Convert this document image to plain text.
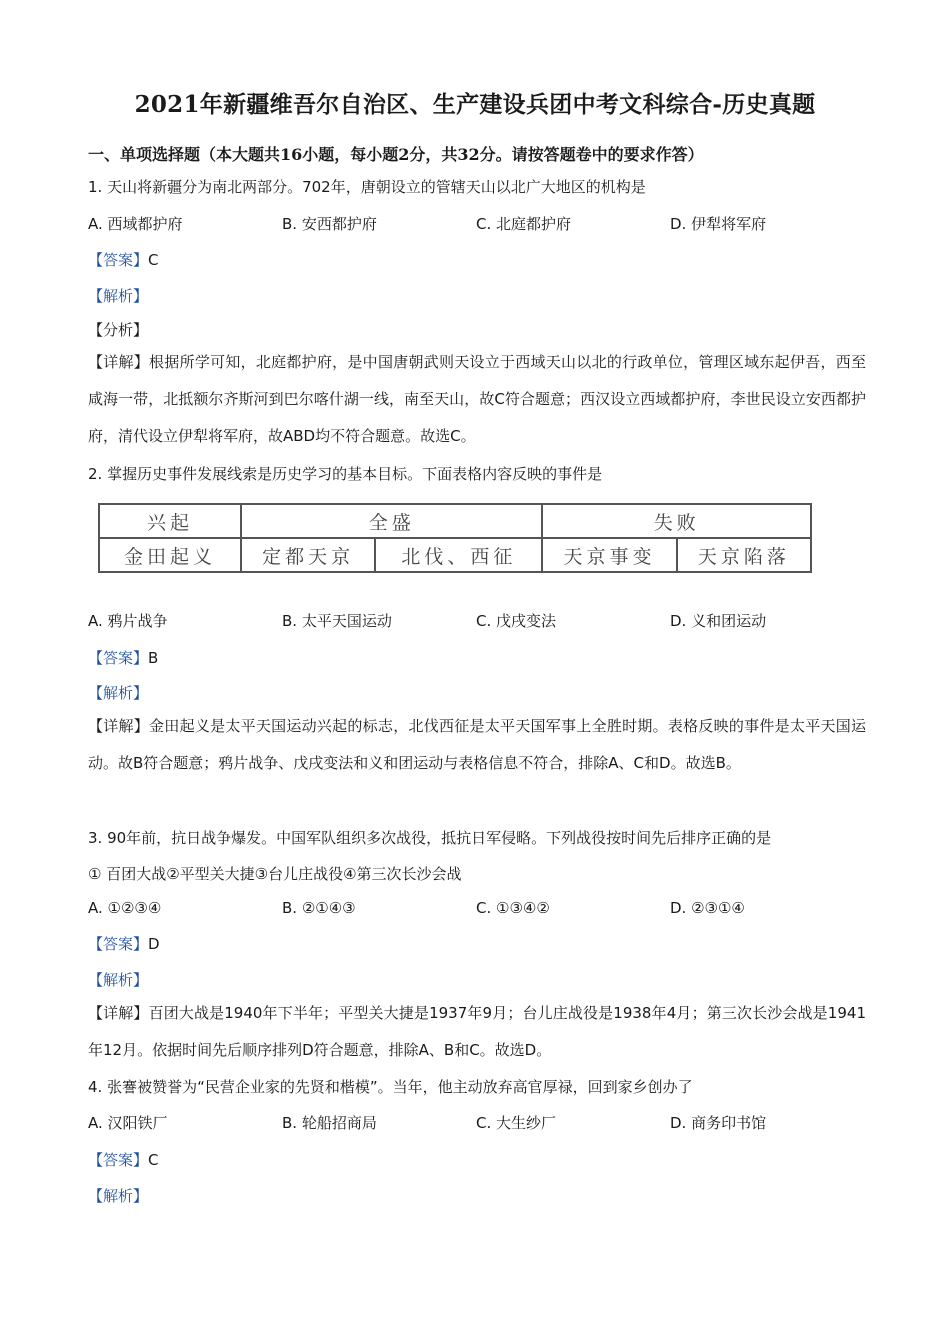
2021年新疆维吾尔自治区、生产建设兵团中考文科综合-历史真题
一、单项选择题（本大题共16小题，每小题2分，共32分。请按答题卷中的要求作答）
1. 天山将新疆分为南北两部分。702年，唐朝设立的管辖天山以北广大地区的机构是
A. 西域都护府	B. 安西都护府	C. 北庭都护府	D. 伊犁将军府
【答案】C
【解析】
【分析】
【详解】根据所学可知，北庭都护府，是中国唐朝武则天设立于西域天山以北的行政单位，管理区域东起伊吾，西至咸海一带，北抵额尔齐斯河到巴尔喀什湖一线，南至天山，故C符合题意；西汉设立西域都护府，李世民设立安西都护府，清代设立伊犁将军府，故ABD均不符合题意。故选C。
2. 掌握历史事件发展线索是历史学习的基本目标。下面表格内容反映的事件是
兴起	全盛		失败	
金田起义	定都天京	北伐、西征	天京事变	天京陷落
A. 鸦片战争	B. 太平天国运动	C. 戊戌变法	D. 义和团运动
【答案】B
【解析】
【详解】金田起义是太平天国运动兴起的标志，北伐西征是太平天国军事上全胜时期。表格反映的事件是太平天国运动。故B符合题意；鸦片战争、戊戌变法和义和团运动与表格信息不符合，排除A、C和D。故选B。
3. 90年前，抗日战争爆发。中国军队组织多次战役，抵抗日军侵略。下列战役按时间先后排序正确的是
① 百团大战②平型关大捷③台儿庄战役④第三次长沙会战
A. ①②③④	B. ②①④③	C. ①③④②	D. ②③①④
【答案】D
【解析】
【详解】百团大战是1940年下半年；平型关大捷是1937年9月；台儿庄战役是1938年4月；第三次长沙会战是1941年12月。依据时间先后顺序排列D符合题意，排除A、B和C。故选D。
4. 张謇被赞誉为“民营企业家的先贤和楷模”。当年，他主动放弃高官厚禄，回到家乡创办了
A. 汉阳铁厂	B. 轮船招商局	C. 大生纱厂	D. 商务印书馆
【答案】C
【解析】
